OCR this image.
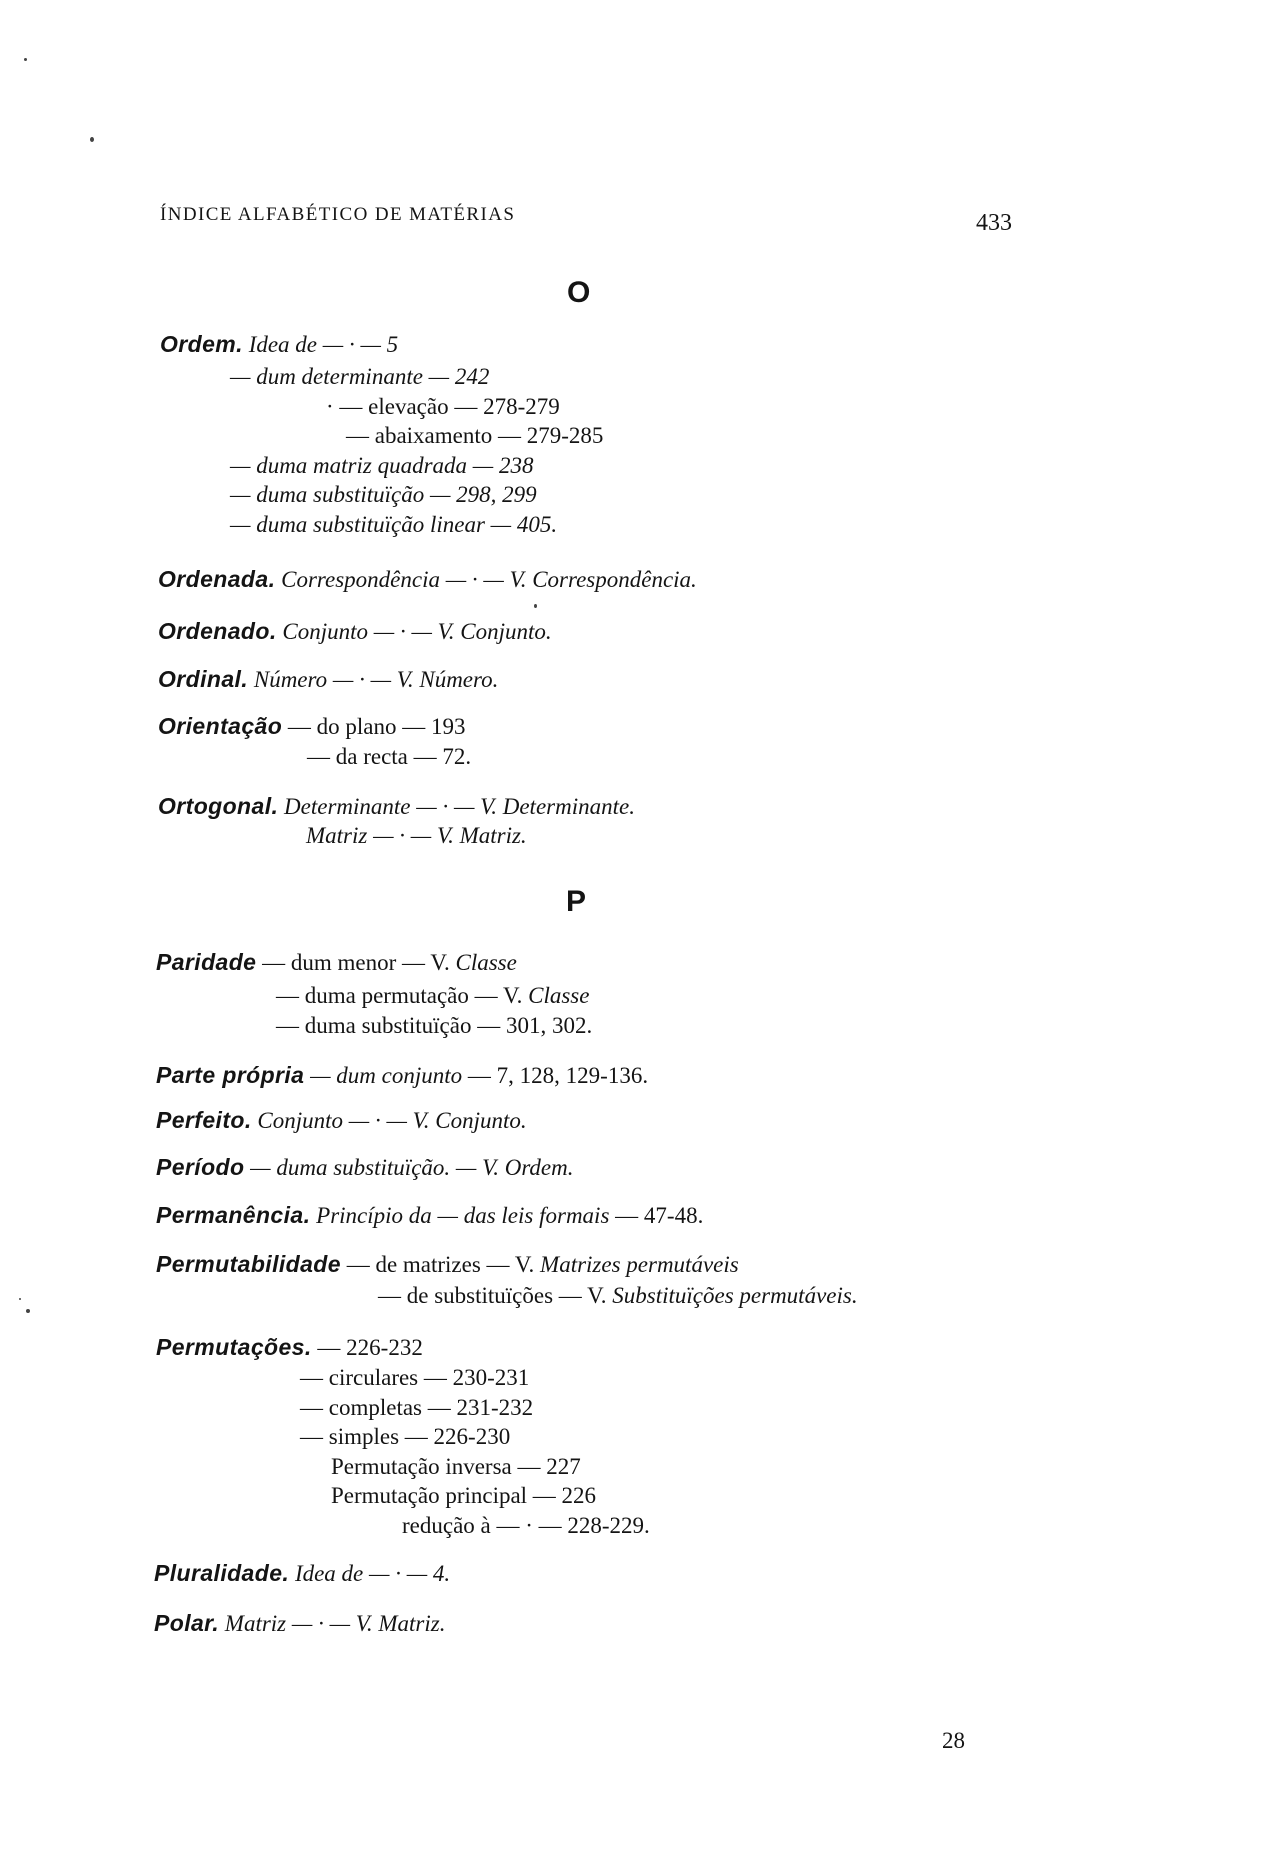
ÍNDICE ALFABÉTICO DE MATÉRIAS	433
O
Ordem. Idea de — · — 5
— dum determinante — 242
· — elevação — 278-279
— abaixamento — 279-285
— duma matriz quadrada — 238
— duma substituïção — 298, 299
— duma substituïção linear — 405.
Ordenada. Correspondência — · — V. Correspondência.
Ordenado. Conjunto — · — V. Conjunto.
Ordinal. Número — · — V. Número.
Orientação — do plano — 193
— da recta — 72.
Ortogonal. Determinante — · — V. Determinante.
Matriz — · — V. Matriz.
P
Paridade — dum menor — V. Classe
— duma permutação — V. Classe
— duma substituïção — 301, 302.
Parte própria — dum conjunto — 7, 128, 129-136.
Perfeito. Conjunto — · — V. Conjunto.
Período — duma substituïção. — V. Ordem.
Permanência. Princípio da — das leis formais — 47-48.
Permutabilidade — de matrizes — V. Matrizes permutáveis
— de substituïções — V. Substituïções permutáveis.
Permutações. — 226-232
— circulares — 230-231
— completas — 231-232
— simples — 226-230
Permutação inversa — 227
Permutação principal — 226
redução à — · — 228-229.
Pluralidade. Idea de — · — 4.
Polar. Matriz — · — V. Matriz.
28
